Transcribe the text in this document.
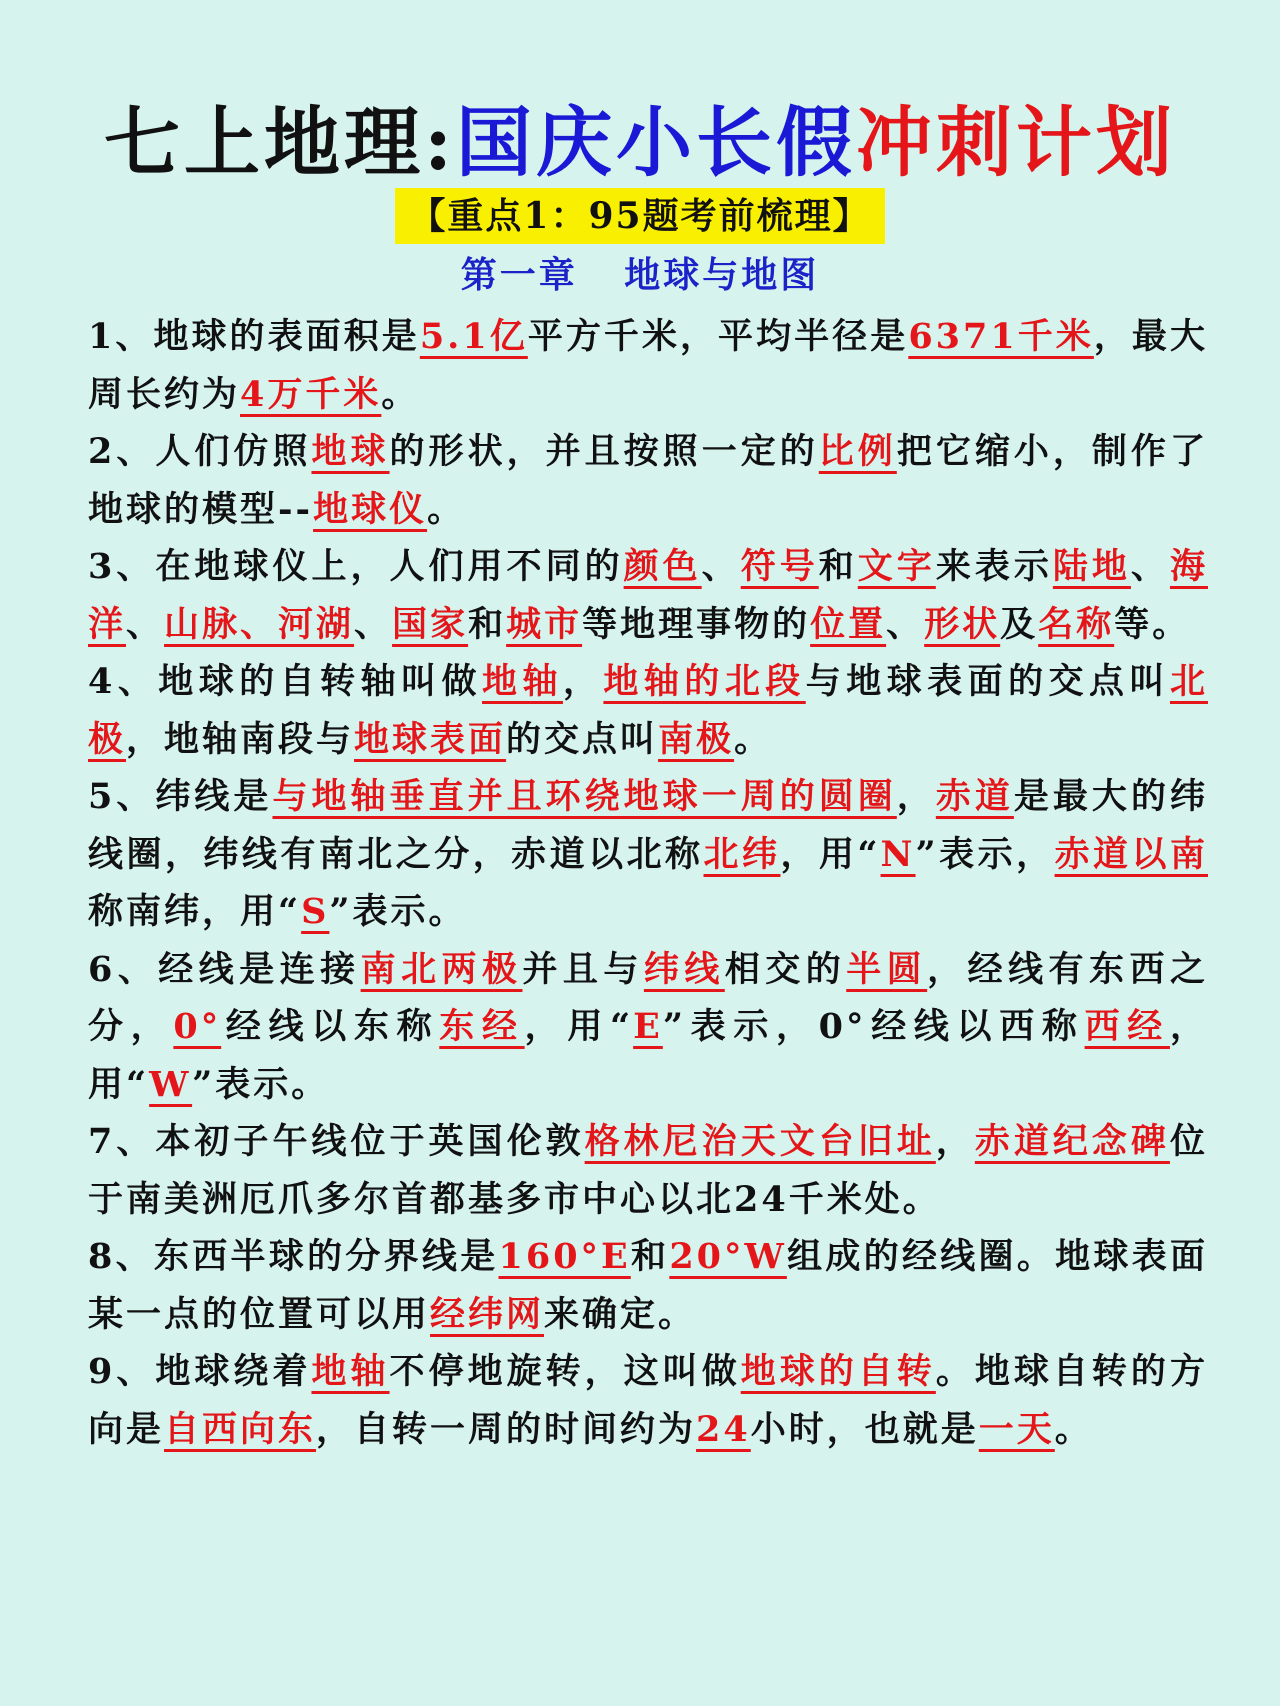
七上地理:国庆小长假冲刺计划
【重点1：95题考前梳理】
第一章   地球与地图

1、地球的表面积是5.1亿平方千米，平均半径是6371千米，最大周长约为4万千米。

2、人们仿照地球的形状，并且按照一定的比例把它缩小，制作了地球的模型--地球仪。

3、在地球仪上，人们用不同的颜色、符号和文字来表示陆地、海洋、山脉、河湖、国家和城市等地理事物的位置、形状及名称等。

4、地球的自转轴叫做地轴，地轴的北段与地球表面的交点叫北极，地轴南段与地球表面的交点叫南极。

5、纬线是与地轴垂直并且环绕地球一周的圆圈，赤道是最大的纬线圈，纬线有南北之分，赤道以北称北纬，用“N”表示，赤道以南称南纬，用“S”表示。

6、经线是连接南北两极并且与纬线相交的半圆，经线有东西之分，0°经线以东称东经，用“E”表示，0°经线以西称西经，用“W”表示。

7、本初子午线位于英国伦敦格林尼治天文台旧址，赤道纪念碑位于南美洲厄爪多尔首都基多市中心以北24千米处。

8、东西半球的分界线是160°E和20°W组成的经线圈。地球表面某一点的位置可以用经纬网来确定。

9、地球绕着地轴不停地旋转，这叫做地球的自转。地球自转的方向是自西向东，自转一周的时间约为24小时，也就是一天。
